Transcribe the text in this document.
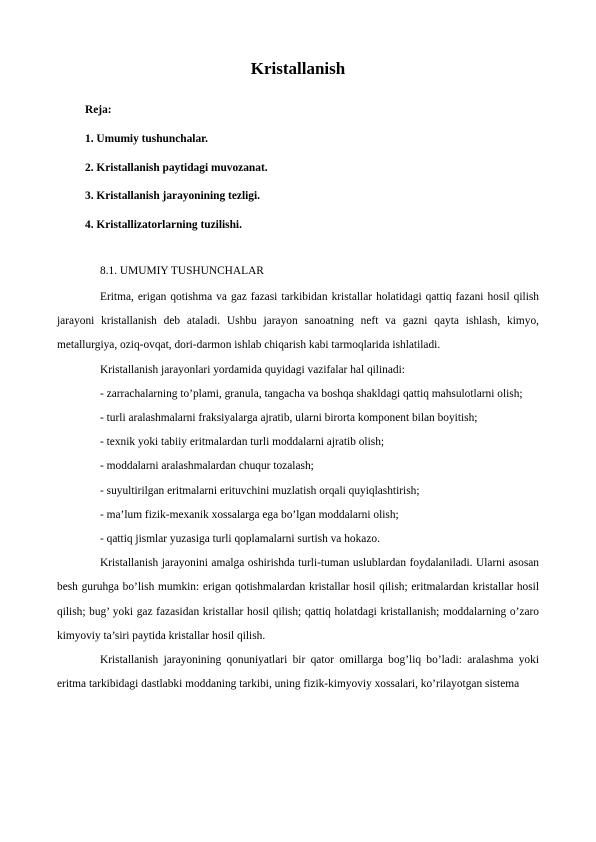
Kristallanish
Reja:
1. Umumiy tushunchalar.
2. Kristallanish paytidagi muvozanat.
3. Kristallanish jarayonining tezligi.
4. Kristallizatorlarning tuzilishi.
8.1. UMUMIY TUSHUNCHALAR

Eritma, erigan qotishma va gaz fazasi tarkibidan kristallar holatidagi qattiq fazani hosil qilish jarayoni kristallanish deb ataladi. Ushbu jarayon sanoatning neft va gazni qayta ishlash, kimyo, metallurgiya, oziq-ovqat, dori-darmon ishlab chiqarish kabi tarmoqlarida ishlatiladi.

Kristallanish jarayonlari yordamida quyidagi vazifalar hal qilinadi:

- zarrachalarning to’plami, granula, tangacha va boshqa shakldagi qattiq mahsulotlarni olish;

- turli aralashmalarni fraksiyalarga ajratib, ularni birorta komponent bilan boyitish;

- texnik yoki tabiiy eritmalardan turli moddalarni ajratib olish;

- moddalarni aralashmalardan chuqur tozalash;

- suyultirilgan eritmalarni erituvchini muzlatish orqali quyiqlashtirish;

- ma’lum fizik-mexanik xossalarga ega bo’lgan moddalarni olish;

- qattiq jismlar yuzasiga turli qoplamalarni surtish va hokazo.

Kristallanish jarayonini amalga oshirishda turli-tuman uslublardan foydalaniladi. Ularni asosan besh guruhga bo’lish mumkin: erigan qotishmalardan kristallar hosil qilish; eritmalardan kristallar hosil qilish; bug’ yoki gaz fazasidan kristallar hosil qilish; qattiq holatdagi kristallanish; moddalarning o’zaro kimyoviy ta’siri paytida kristallar hosil qilish.

Kristallanish jarayonining qonuniyatlari bir qator omillarga bog’liq bo’ladi: aralashma yoki eritma tarkibidagi dastlabki moddaning tarkibi, uning fizik-kimyoviy xossalari, ko’rilayotgan sistema
